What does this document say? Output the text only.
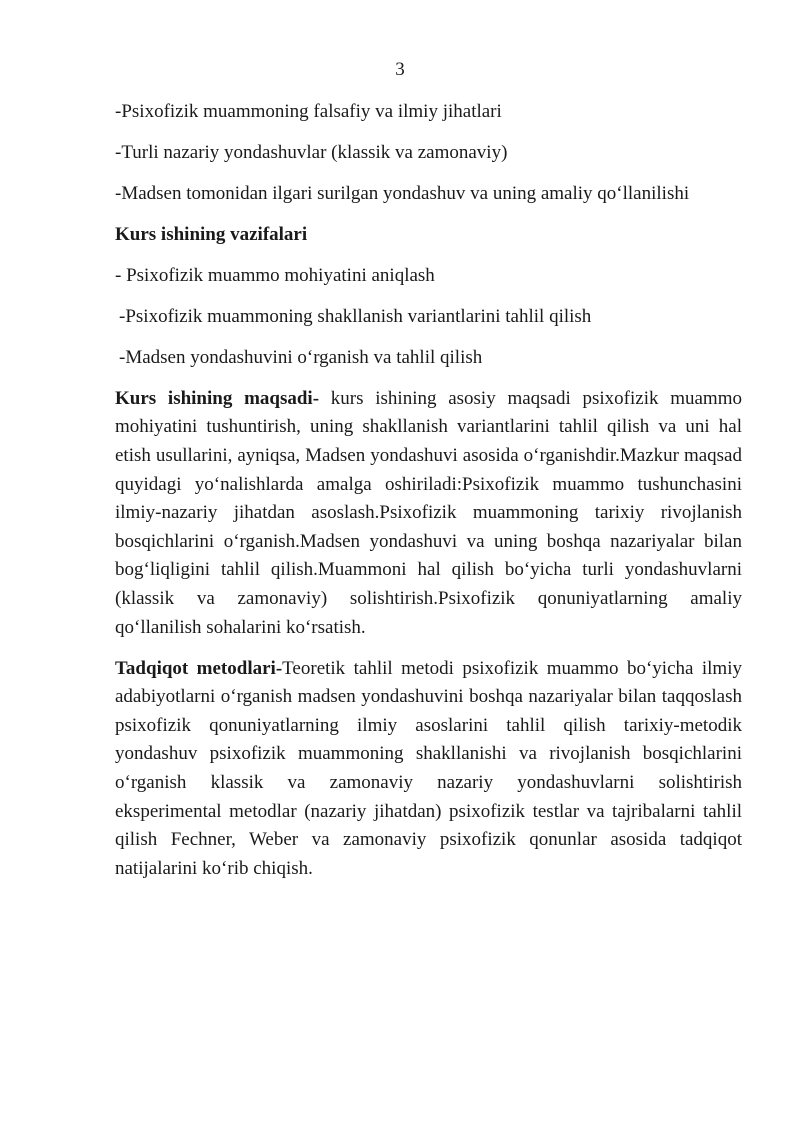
3

-Psixofizik muammoning falsafiy va ilmiy jihatlari

-Turli nazariy yondashuvlar (klassik va zamonaviy)

-Madsen tomonidan ilgari surilgan yondashuv va uning amaliy qo‘llanilishi

Kurs ishining vazifalari

- Psixofizik muammo mohiyatini aniqlash

-Psixofizik muammoning shakllanish variantlarini tahlil qilish

-Madsen yondashuvini o‘rganish va tahlil qilish

Kurs ishining maqsadi- kurs ishining asosiy maqsadi psixofizik muammo mohiyatini tushuntirish, uning shakllanish variantlarini tahlil qilish va uni hal etish usullarini, ayniqsa, Madsen yondashuvi asosida o‘rganishdir.Mazkur maqsad quyidagi yo‘nalishlarda amalga oshiriladi:Psixofizik muammo tushunchasini ilmiy-nazariy jihatdan asoslash.Psixofizik muammoning tarixiy rivojlanish bosqichlarini o‘rganish.Madsen yondashuvi va uning boshqa nazariyalar bilan bog‘liqligini tahlil qilish.Muammoni hal qilish bo‘yicha turli yondashuvlarni (klassik va zamonaviy) solishtirish.Psixofizik qonuniyatlarning amaliy qo‘llanilish sohalarini ko‘rsatish.

Tadqiqot metodlari-Teoretik tahlil metodi psixofizik muammo bo‘yicha ilmiy adabiyotlarni o‘rganish madsen yondashuvini boshqa nazariyalar bilan taqqoslash psixofizik qonuniyatlarning ilmiy asoslarini tahlil qilish tarixiy-metodik yondashuv psixofizik muammoning shakllanishi va rivojlanish bosqichlarini o‘rganish klassik va zamonaviy nazariy yondashuvlarni solishtirish    eksperimental metodlar (nazariy jihatdan) psixofizik testlar va tajribalarni tahlil qilish Fechner, Weber va zamonaviy psixofizik qonunlar asosida tadqiqot natijalarini ko‘rib chiqish.
